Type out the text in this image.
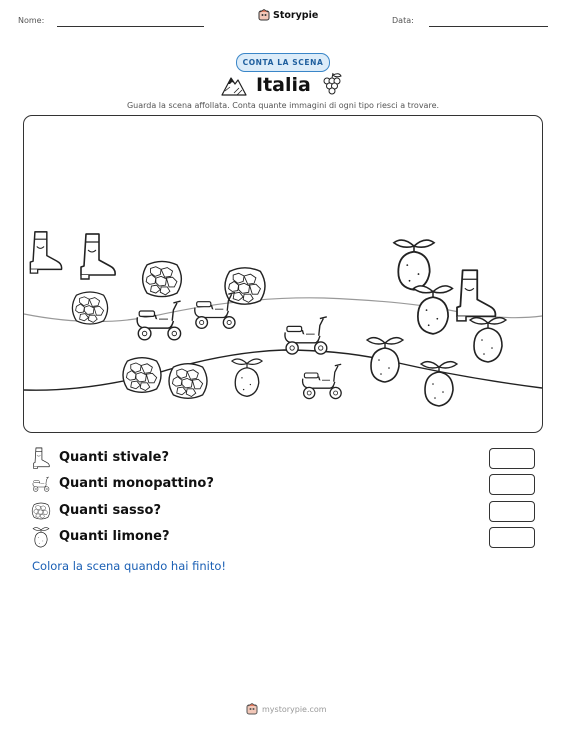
Nome:	Storypie	Data:
CONTA LA SCENA
Italia
Guarda la scena affollata. Conta quante immagini di ogni tipo riesci a trovare.
Quanti stivale?
Quanti monopattino?
Quanti sasso?
Quanti limone?
Colora la scena quando hai finito!
mystorypie.com
